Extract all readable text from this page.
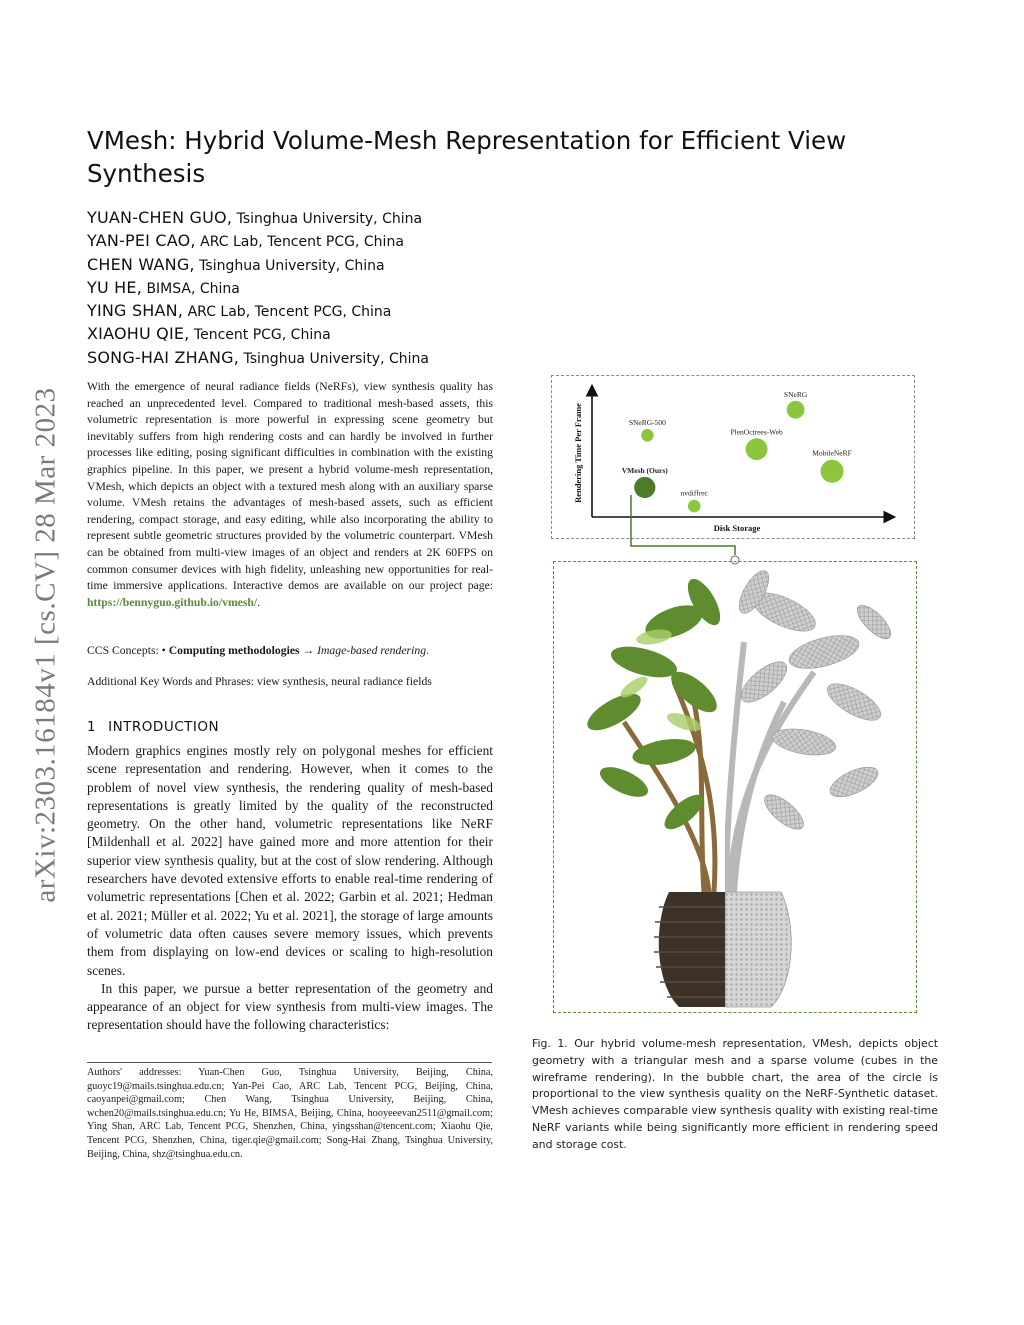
arXiv:2303.16184v1 [cs.CV] 28 Mar 2023
VMesh: Hybrid Volume-Mesh Representation for Efficient View Synthesis
YUAN-CHEN GUO, Tsinghua University, China
YAN-PEI CAO, ARC Lab, Tencent PCG, China
CHEN WANG, Tsinghua University, China
YU HE, BIMSA, China
YING SHAN, ARC Lab, Tencent PCG, China
XIAOHU QIE, Tencent PCG, China
SONG-HAI ZHANG, Tsinghua University, China
With the emergence of neural radiance fields (NeRFs), view synthesis quality has reached an unprecedented level. Compared to traditional mesh-based assets, this volumetric representation is more powerful in expressing scene geometry but inevitably suffers from high rendering costs and can hardly be involved in further processes like editing, posing significant difficulties in combination with the existing graphics pipeline. In this paper, we present a hybrid volume-mesh representation, VMesh, which depicts an object with a textured mesh along with an auxiliary sparse volume. VMesh retains the advantages of mesh-based assets, such as efficient rendering, compact storage, and easy editing, while also incorporating the ability to represent subtle geometric structures provided by the volumetric counterpart. VMesh can be obtained from multi-view images of an object and renders at 2K 60FPS on common consumer devices with high fidelity, unleashing new opportunities for real-time immersive applications. Interactive demos are available on our project page: https://bennyguo.github.io/vmesh/.
CCS Concepts: • Computing methodologies → Image-based rendering.
Additional Key Words and Phrases: view synthesis, neural radiance fields
1 INTRODUCTION

Modern graphics engines mostly rely on polygonal meshes for efficient scene representation and rendering. However, when it comes to the problem of novel view synthesis, the rendering quality of mesh-based representations is greatly limited by the quality of the reconstructed geometry. On the other hand, volumetric representations like NeRF [Mildenhall et al. 2022] have gained more and more attention for their superior view synthesis quality, but at the cost of slow rendering. Although researchers have devoted extensive efforts to enable real-time rendering of volumetric representations [Chen et al. 2022; Garbin et al. 2021; Hedman et al. 2021; Müller et al. 2022; Yu et al. 2021], the storage of large amounts of volumetric data often causes severe memory issues, which prevents them from displaying on low-end devices or scaling to high-resolution scenes.

In this paper, we pursue a better representation of the geometry and appearance of an object for view synthesis from multi-view images. The representation should have the following characteristics:

Authors' addresses: Yuan-Chen Guo, Tsinghua University, Beijing, China, guoyc19@mails.tsinghua.edu.cn; Yan-Pei Cao, ARC Lab, Tencent PCG, Beijing, China, caoyanpei@gmail.com; Chen Wang, Tsinghua University, Beijing, China, wchen20@mails.tsinghua.edu.cn; Yu He, BIMSA, Beijing, China, hooyeeevan2511@gmail.com; Ying Shan, ARC Lab, Tencent PCG, Shenzhen, China, yingsshan@tencent.com; Xiaohu Qie, Tencent PCG, Shenzhen, China, tiger.qie@gmail.com; Song-Hai Zhang, Tsinghua University, Beijing, China, shz@tsinghua.edu.cn.
Rendering Time Per Frame
Disk Storage
SNeRG
SNeRG-500
PlenOctrees-Web
MobileNeRF
VMesh (Ours)
nvdiffrec
Fig. 1. Our hybrid volume-mesh representation, VMesh, depicts object geometry with a triangular mesh and a sparse volume (cubes in the wireframe rendering). In the bubble chart, the area of the circle is proportional to the view synthesis quality on the NeRF-Synthetic dataset. VMesh achieves comparable view synthesis quality with existing real-time NeRF variants while being significantly more efficient in rendering speed and storage cost.
